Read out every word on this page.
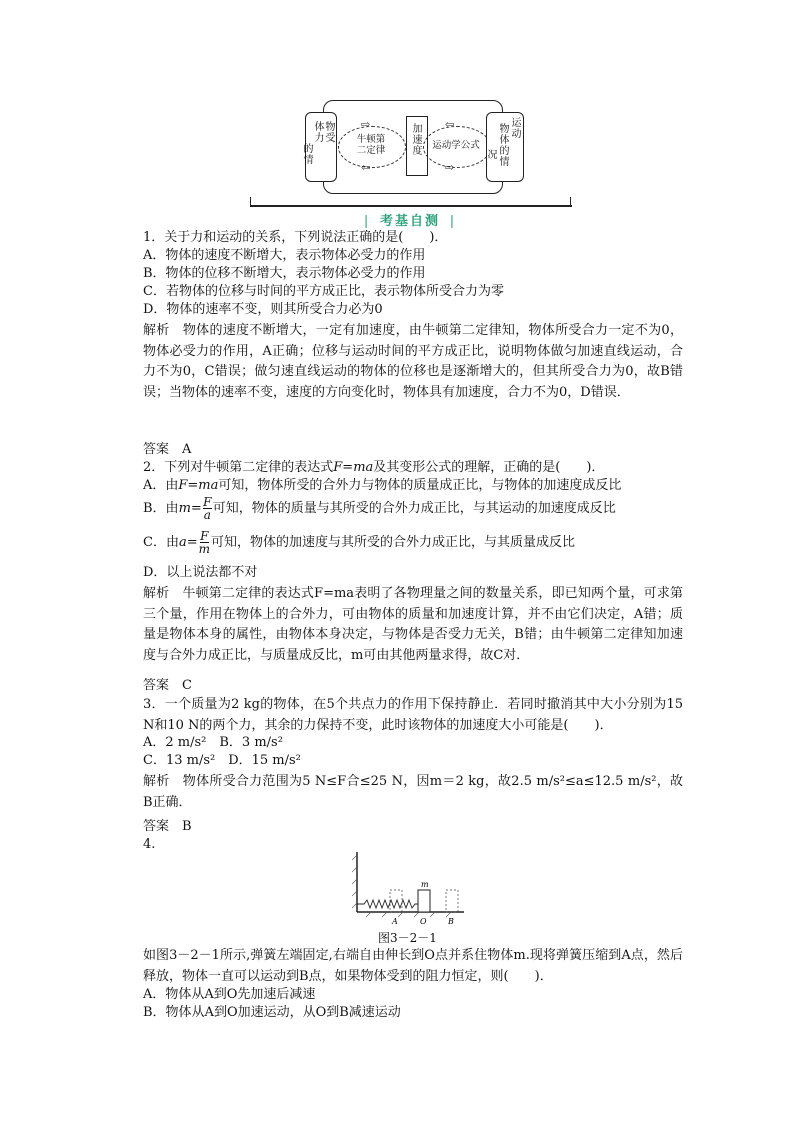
物受
体力
的情
牛顿第
二定律
⇨
⇦
加速度	运动学公式
⇦
⇨
运动
物体的情
况
❘ 考基自测 ❘
1．关于力和运动的关系，下列说法正确的是(　　)．
A．物体的速度不断增大，表示物体必受力的作用
B．物体的位移不断增大，表示物体必受力的作用
C．若物体的位移与时间的平方成正比，表示物体所受合力为零
D．物体的速率不变，则其所受合力必为0
解析　物体的速度不断增大，一定有加速度，由牛顿第二定律知，物体所受合力一定不为0，物体必受力的作用，A正确；位移与运动时间的平方成正比，说明物体做匀加速直线运动，合力不为0，C错误；做匀速直线运动的物体的位移也是逐渐增大的，但其所受合力为0，故B错误；当物体的速率不变，速度的方向变化时，物体具有加速度，合力不为0，D错误．
答案　A
2．下列对牛顿第二定律的表达式F=ma及其变形公式的理解，正确的是(　　)．
A．由F=ma可知，物体所受的合外力与物体的质量成正比，与物体的加速度成反比
B．由$m= \frac{F}{a}$ 可知，物体的质量与其所受的合外力成正比，与其运动的加速度成反比
C．由$a= \frac{F}{m}$ 可知，物体的加速度与其所受的合外力成正比，与其质量成反比
D．以上说法都不对
解析　牛顿第二定律的表达式F=ma表明了各物理量之间的数量关系，即已知两个量，可求第三个量，作用在物体上的合外力，可由物体的质量和加速度计算，并不由它们决定，A错；质量是物体本身的属性，由物体本身决定，与物体是否受力无关，B错；由牛顿第二定律知加速度与合外力成正比，与质量成反比，m可由其他两量求得，故C对．
答案　C
3．一个质量为2 kg的物体，在5个共点力的作用下保持静止．若同时撤消其中大小分别为15 N和10 N的两个力，其余的力保持不变，此时该物体的加速度大小可能是(　　)．
A．2 m/s²　B．3 m/s²
C．13 m/s²　D．15 m/s²
解析　物体所受合力范围为5 N≤F合≤25 N，因m＝2 kg，故2.5 m/s²≤a≤12.5 m/s²，故B正确．
答案　B
4.
m
A	O	B
图3－2－1
如图3－2－1所示,弹簧左端固定,右端自由伸长到O点并系住物体m.现将弹簧压缩到A点，然后释放，物体一直可以运动到B点，如果物体受到的阻力恒定，则(　　)．
A．物体从A到O先加速后减速
B．物体从A到O加速运动，从O到B减速运动
